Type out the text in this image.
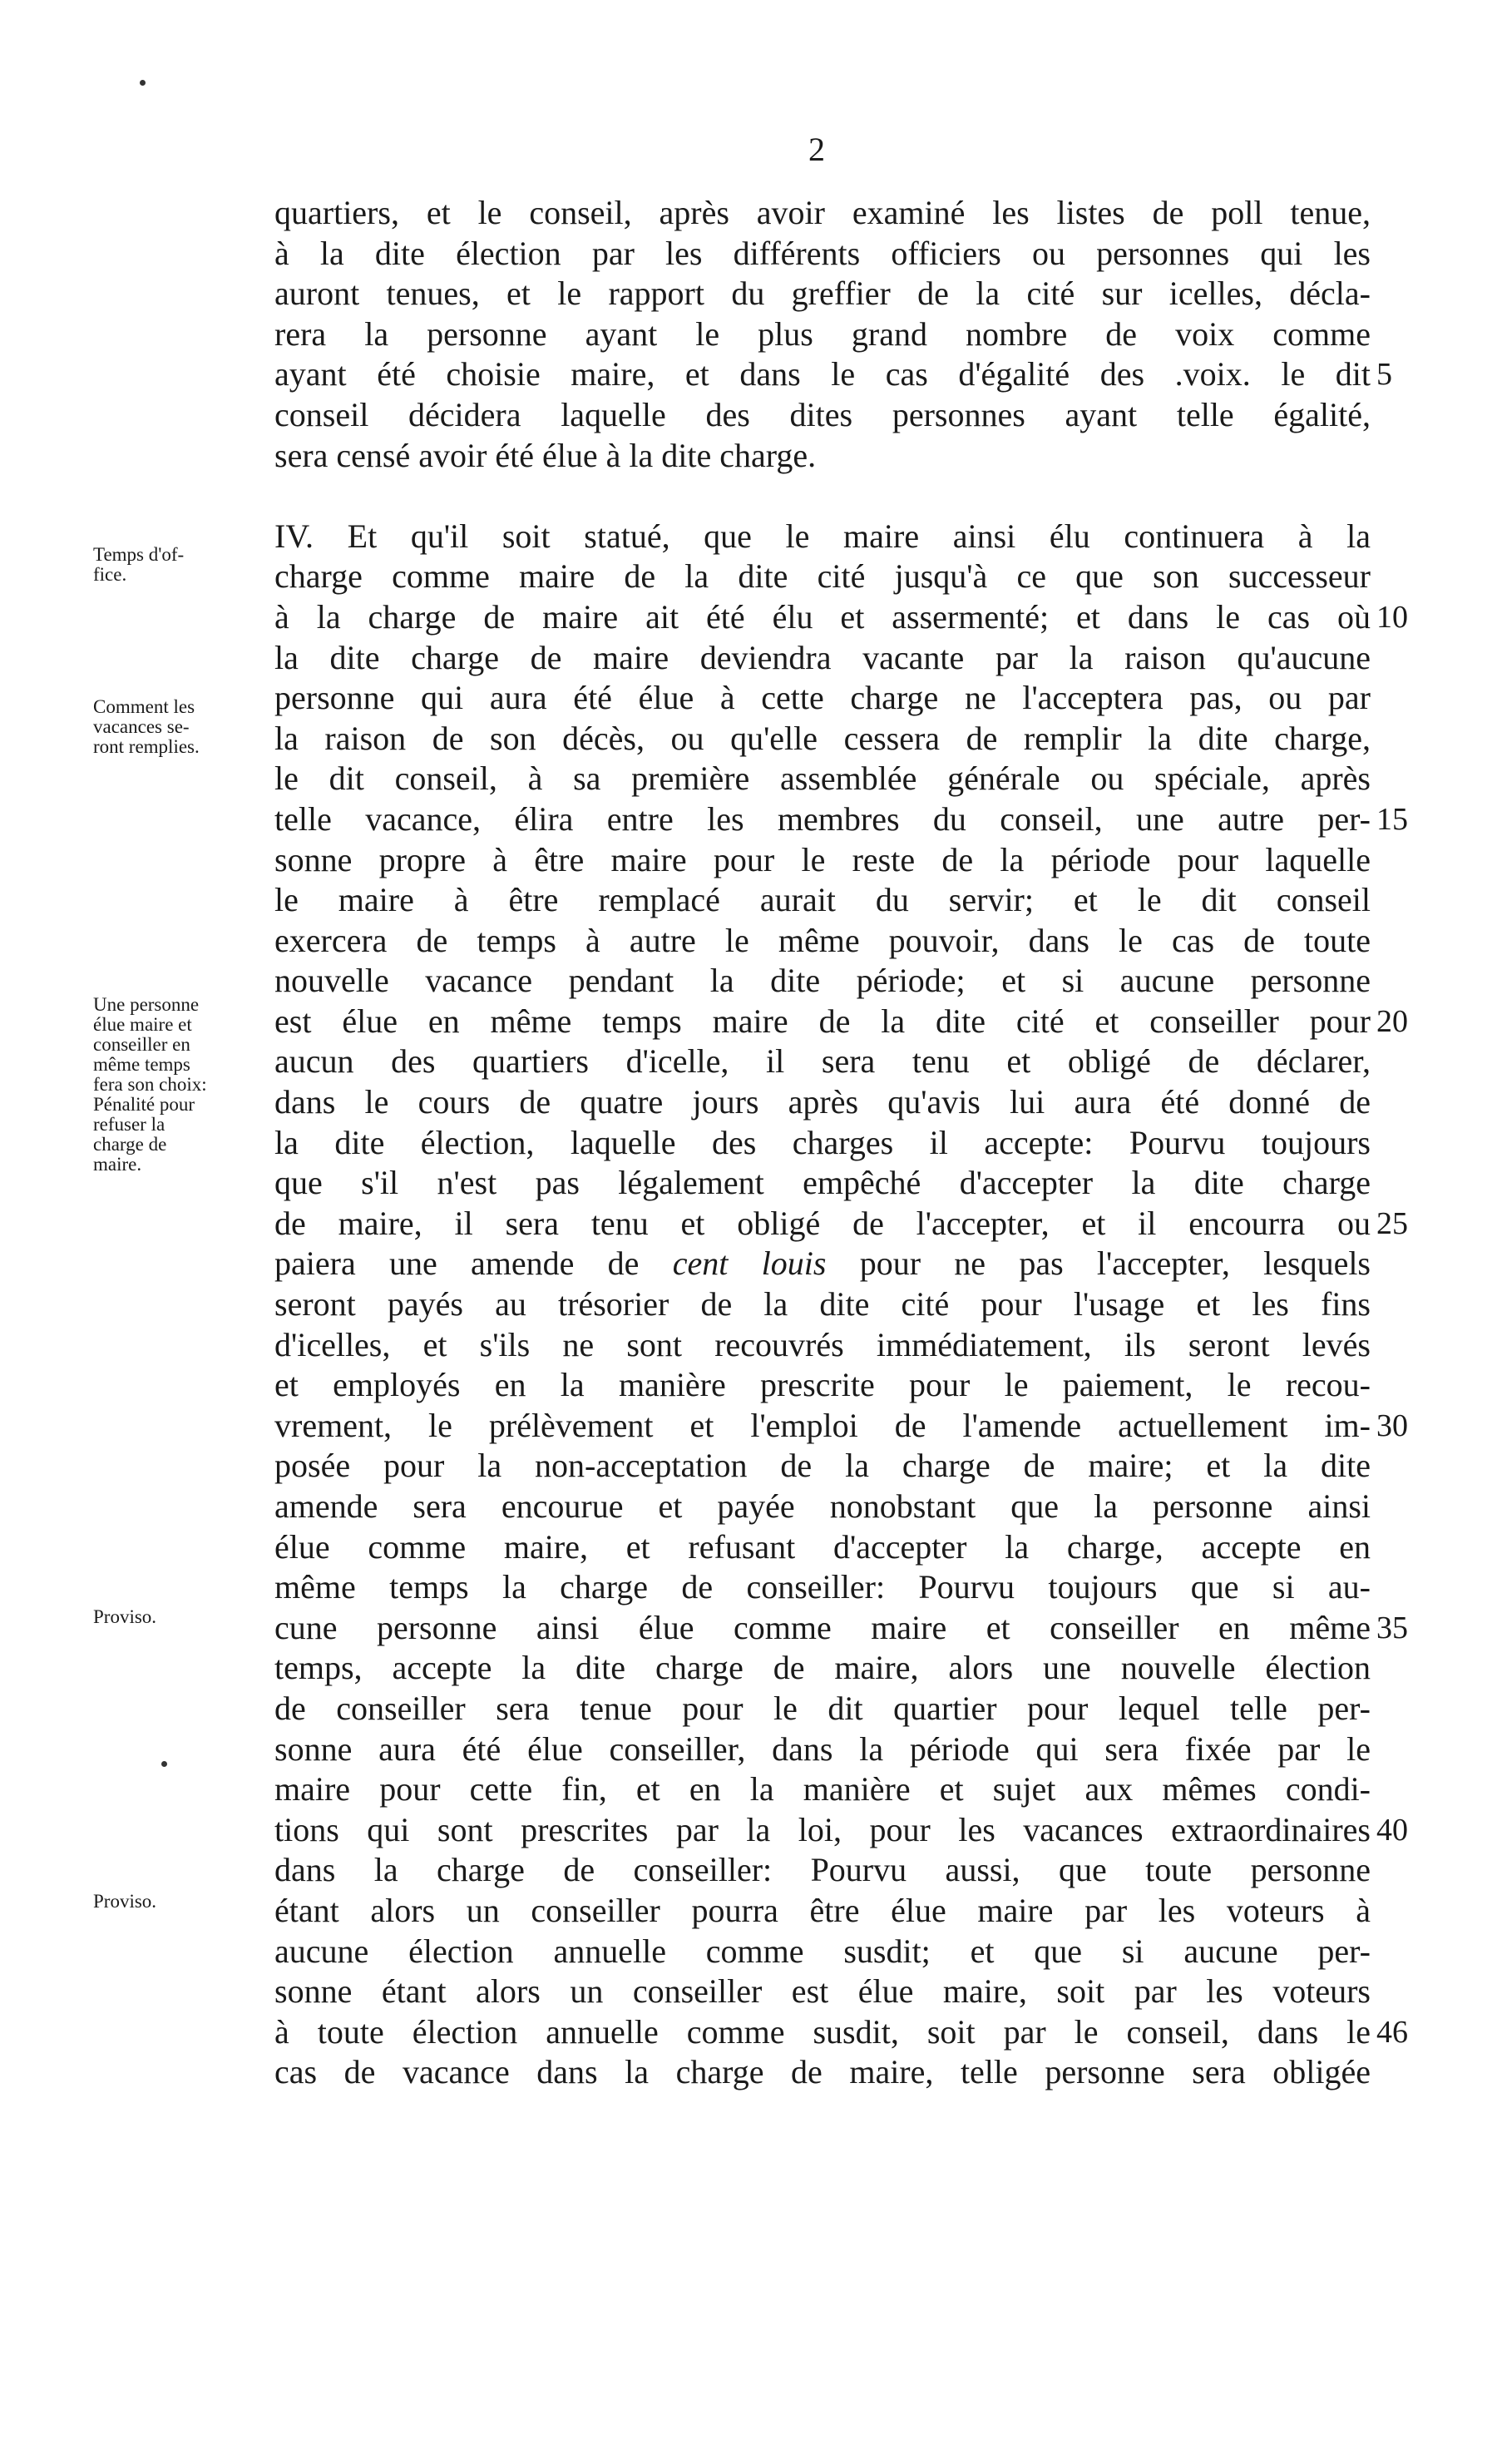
2
quartiers, et le conseil, après avoir examiné les listes de poll tenue,
à la dite élection par les différents officiers ou personnes qui les
auront tenues, et le rapport du greffier de la cité sur icelles, décla-
rera la personne ayant le plus grand nombre de voix comme
ayant été choisie maire, et dans le cas d'égalité des .voix. le dit
conseil décidera laquelle des dites personnes ayant telle égalité,
sera censé avoir été élue à la dite charge.
IV. Et qu'il soit statué, que le maire ainsi élu continuera à la
charge comme maire de la dite cité jusqu'à ce que son successeur
à la charge de maire ait été élu et assermenté; et dans le cas où
la dite charge de maire deviendra vacante par la raison qu'aucune
personne qui aura été élue à cette charge ne l'acceptera pas, ou par
la raison de son décès, ou qu'elle cessera de remplir la dite charge,
le dit conseil, à sa première assemblée générale ou spéciale, après
telle vacance, élira entre les membres du conseil, une autre per-
sonne propre à être maire pour le reste de la période pour laquelle
le maire à être remplacé aurait du servir; et le dit conseil
exercera de temps à autre le même pouvoir, dans le cas de toute
nouvelle vacance pendant la dite période; et si aucune personne
est élue en même temps maire de la dite cité et conseiller pour
aucun des quartiers d'icelle, il sera tenu et obligé de déclarer,
dans le cours de quatre jours après qu'avis lui aura été donné de
la dite élection, laquelle des charges il accepte: Pourvu toujours
que s'il n'est pas légalement empêché d'accepter la dite charge
de maire, il sera tenu et obligé de l'accepter, et il encourra ou
paiera une amende de cent louis pour ne pas l'accepter, lesquels
seront payés au trésorier de la dite cité pour l'usage et les fins
d'icelles, et s'ils ne sont recouvrés immédiatement, ils seront levés
et employés en la manière prescrite pour le paiement, le recou-
vrement, le prélèvement et l'emploi de l'amende actuellement im-
posée pour la non-acceptation de la charge de maire; et la dite
amende sera encourue et payée nonobstant que la personne ainsi
élue comme maire, et refusant d'accepter la charge, accepte en
même temps la charge de conseiller: Pourvu toujours que si au-
cune personne ainsi élue comme maire et conseiller en même
temps, accepte la dite charge de maire, alors une nouvelle élection
de conseiller sera tenue pour le dit quartier pour lequel telle per-
sonne aura été élue conseiller, dans la période qui sera fixée par le
maire pour cette fin, et en la manière et sujet aux mêmes condi-
tions qui sont prescrites par la loi, pour les vacances extraordinaires
dans la charge de conseiller: Pourvu aussi, que toute personne
étant alors un conseiller pourra être élue maire par les voteurs à
aucune élection annuelle comme susdit; et que si aucune per-
sonne étant alors un conseiller est élue maire, soit par les voteurs
à toute élection annuelle comme susdit, soit par le conseil, dans le
cas de vacance dans la charge de maire, telle personne sera obligée
5
10
15
20
25
30
35
40
46
Temps d'of-
fice.
Comment les
vacances se-
ront remplies.
Une personne
élue maire et
conseiller en
même temps
fera son choix:
Pénalité pour
refuser la
charge de
maire.
Proviso.
Proviso.
